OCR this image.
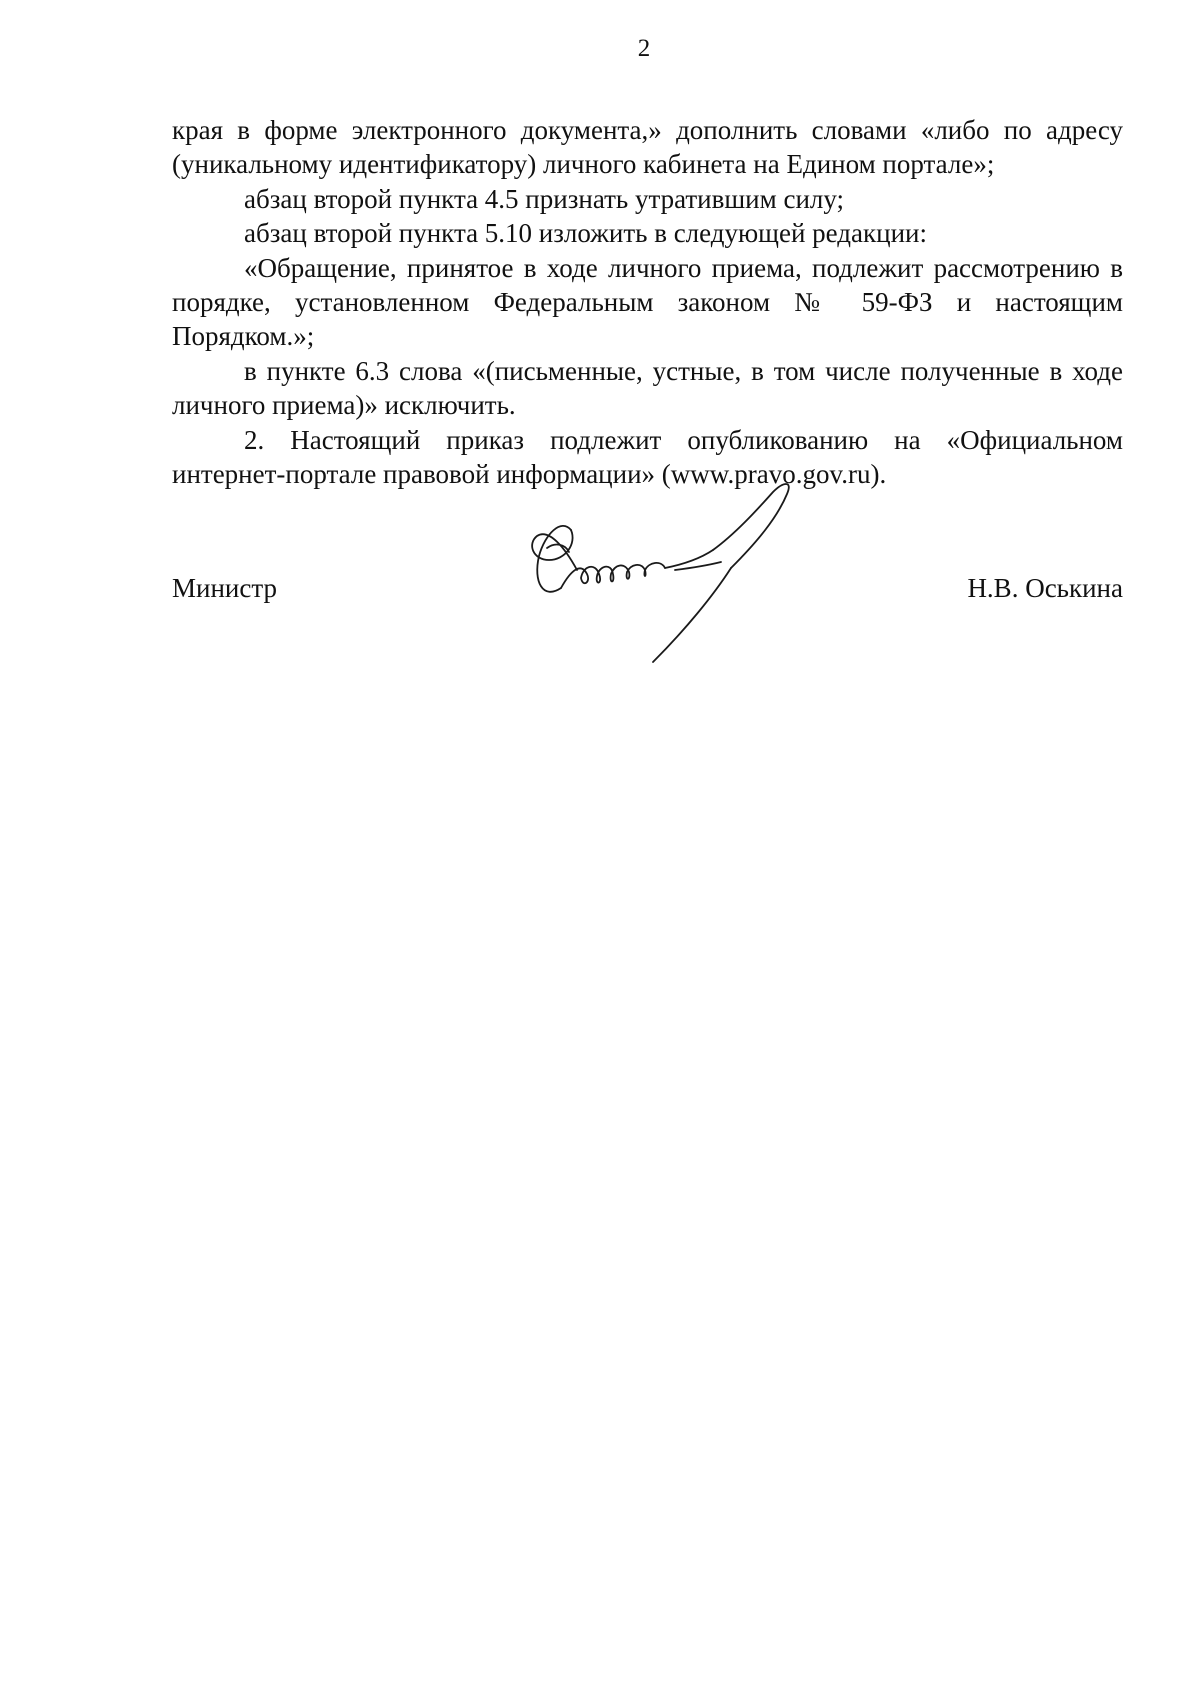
2

края в форме электронного документа,» дополнить словами «либо по адресу (уникальному идентификатору) личного кабинета на Едином портале»;

абзац второй пункта 4.5 признать утратившим силу;

абзац второй пункта 5.10 изложить в следующей редакции:

«Обращение, принятое в ходе личного приема, подлежит рассмотрению в порядке, установленном Федеральным законом № 59-ФЗ и настоящим Порядком.»;

в пункте 6.3 слова «(письменные, устные, в том числе полученные в ходе личного приема)» исключить.

2. Настоящий приказ подлежит опубликованию на «Официальном интернет-портале правовой информации» (www.pravo.gov.ru).

Министр	Н.В. Оськина
